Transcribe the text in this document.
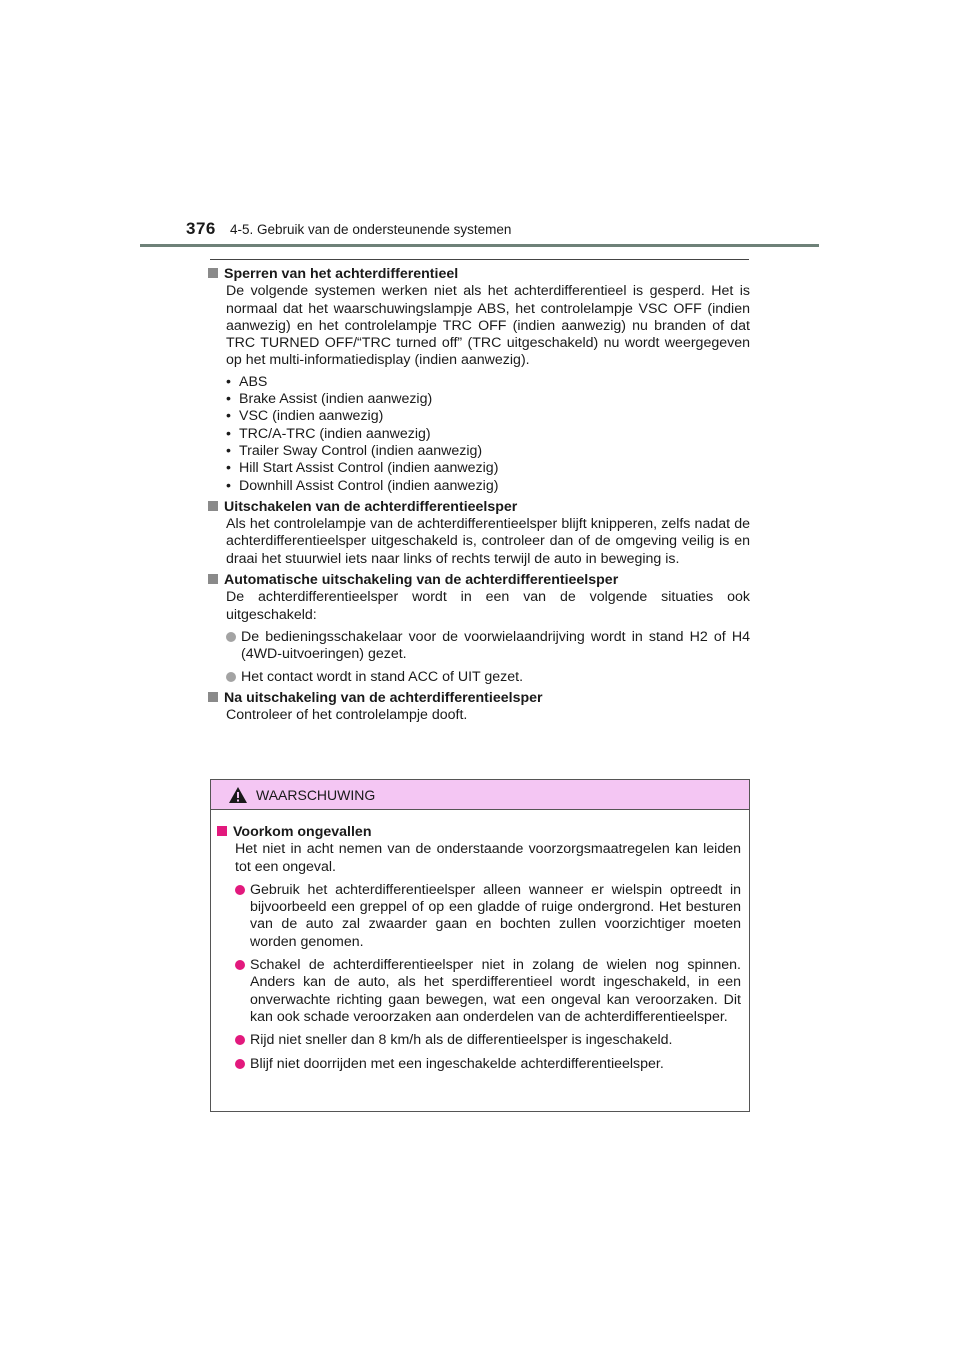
376 4-5. Gebruik van de ondersteunende systemen
Sperren van het achterdifferentieel

De volgende systemen werken niet als het achterdifferentieel is gesperd. Het is normaal dat het waarschuwingslampje ABS, het controlelampje VSC OFF (indien aanwezig) en het controlelampje TRC OFF (indien aanwezig) nu branden of dat TRC TURNED OFF/“TRC turned off” (TRC uitgeschakeld) nu wordt weergegeven op het multi-informatiedisplay (indien aanwezig).

• ABS
• Brake Assist (indien aanwezig)
• VSC (indien aanwezig)
• TRC/A-TRC (indien aanwezig)
• Trailer Sway Control (indien aanwezig)
• Hill Start Assist Control (indien aanwezig)
• Downhill Assist Control (indien aanwezig)
Uitschakelen van de achterdifferentieelsper

Als het controlelampje van de achterdifferentieelsper blijft knipperen, zelfs nadat de achterdifferentieelsper uitgeschakeld is, controleer dan of de omgeving veilig is en draai het stuurwiel iets naar links of rechts terwijl de auto in beweging is.

Automatische uitschakeling van de achterdifferentieelsper

De achterdifferentieelsper wordt in een van de volgende situaties ook uitgeschakeld:

De bedieningsschakelaar voor de voorwielaandrijving wordt in stand H2 of H4 (4WD-uitvoeringen) gezet.
Het contact wordt in stand ACC of UIT gezet.
Na uitschakeling van de achterdifferentieelsper

Controleer of het controlelampje dooft.

WAARSCHUWING
Voorkom ongevallen

Het niet in acht nemen van de onderstaande voorzorgsmaatregelen kan leiden tot een ongeval.

Gebruik het achterdifferentieelsper alleen wanneer er wielspin optreedt in bijvoorbeeld een greppel of op een gladde of ruige ondergrond. Het besturen van de auto zal zwaarder gaan en bochten zullen voorzichtiger moeten worden genomen.
Schakel de achterdifferentieelsper niet in zolang de wielen nog spinnen. Anders kan de auto, als het sperdifferentieel wordt ingeschakeld, in een onverwachte richting gaan bewegen, wat een ongeval kan veroorzaken. Dit kan ook schade veroorzaken aan onderdelen van de achterdifferentieelsper.
Rijd niet sneller dan 8 km/h als de differentieelsper is ingeschakeld.
Blijf niet doorrijden met een ingeschakelde achterdifferentieelsper.
